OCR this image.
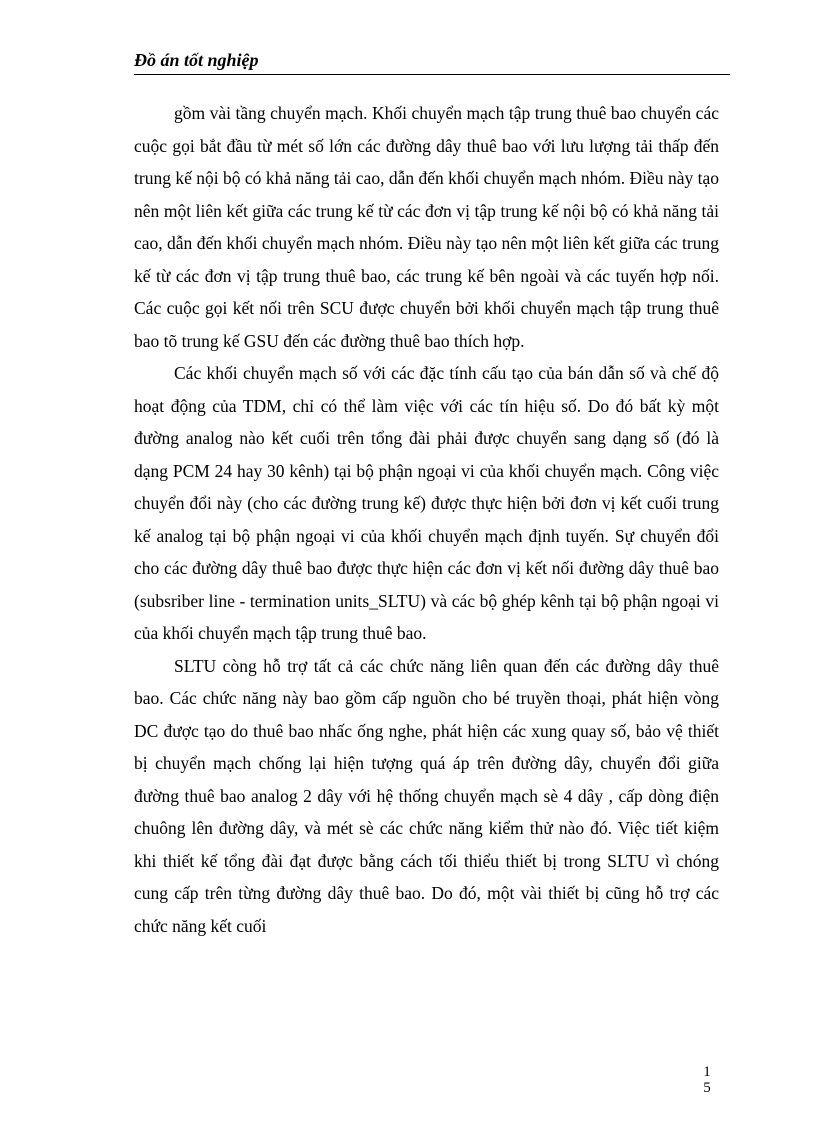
Đồ án tốt nghiệp

gồm vài tầng chuyển mạch. Khối chuyển mạch tập trung thuê bao chuyển các cuộc gọi bắt đầu từ mét số lớn các đường dây thuê bao với lưu lượng tải thấp đến trung kế nội bộ có khả năng tải cao, dẫn đến khối chuyển mạch nhóm. Điều này tạo nên một liên kết giữa các trung kế từ các đơn vị tập trung kế nội bộ có khả năng tải cao, dẫn đến khối chuyển mạch nhóm. Điều này tạo nên một liên kết giữa các trung kế từ các đơn vị tập trung thuê bao, các trung kế bên ngoài và các tuyến hợp nối. Các cuộc gọi kết nối trên SCU được chuyển bởi khối chuyển mạch tập trung thuê bao tõ trung kế GSU đến các đường thuê bao thích hợp.

Các khối chuyển mạch số với các đặc tính cấu tạo của bán dẫn số và chế độ hoạt động của TDM, chỉ có thể làm việc với các tín hiệu số. Do đó bất kỳ một đường analog nào kết cuối trên tổng đài phải được chuyển sang dạng số (đó là dạng PCM 24 hay 30 kênh) tại bộ phận ngoại vi của khối chuyển mạch. Công việc chuyển đổi này (cho các đường trung kế) được thực hiện bởi đơn vị kết cuối trung kế analog tại bộ phận ngoại vi của khối chuyển mạch định tuyến. Sự chuyển đổi cho các đường dây thuê bao được thực hiện các đơn vị kết nối đường dây thuê bao (subsriber line - termination units_SLTU) và các bộ ghép kênh tại bộ phận ngoại vi của khối chuyển mạch tập trung thuê bao.

SLTU còng hỗ trợ tất cả các chức năng liên quan đến các đường dây thuê bao. Các chức năng này bao gồm cấp nguồn cho bé truyền thoại, phát hiện vòng DC được tạo do thuê bao nhấc ống nghe, phát hiện các xung quay số, bảo vệ thiết bị chuyển mạch chống lại hiện tượng quá áp trên đường dây, chuyển đổi giữa đường thuê bao analog 2 dây với hệ thống chuyển mạch sè 4 dây , cấp dòng điện chuông lên đường dây, và mét sè các chức năng kiểm thử nào đó. Việc tiết kiệm khi thiết kế tổng đài đạt được bằng cách tối thiểu thiết bị trong SLTU vì chóng cung cấp trên từng đường dây thuê bao. Do đó, một vài thiết bị cũng hỗ trợ các chức năng kết cuối

1
5
